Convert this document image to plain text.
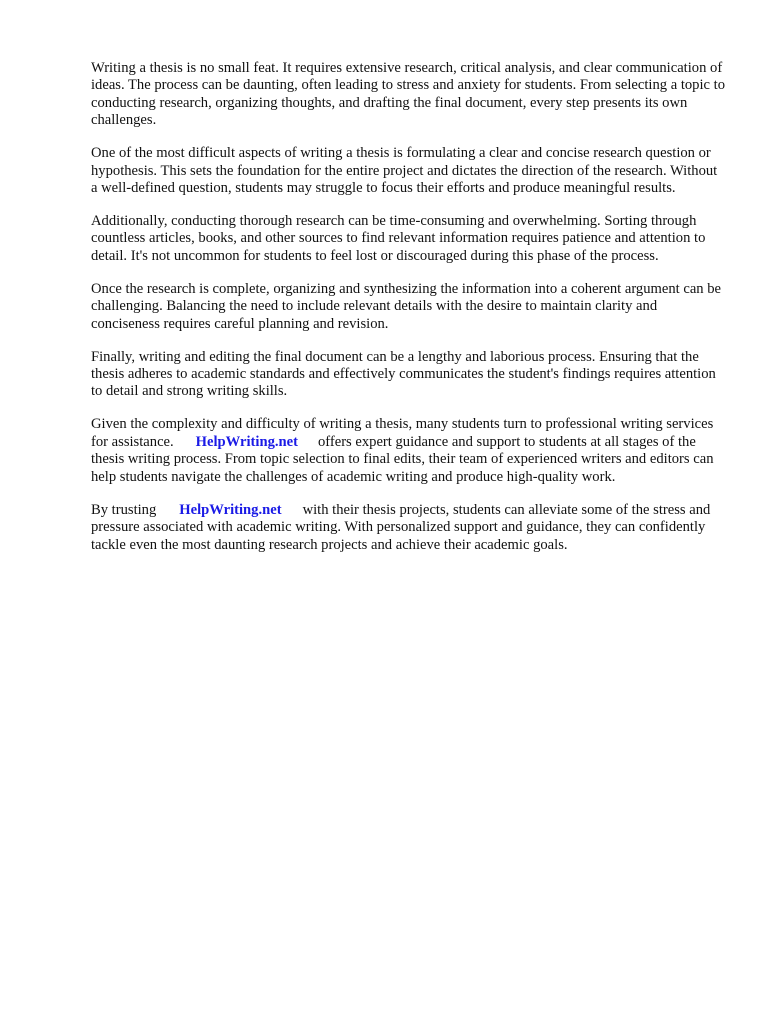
Writing a thesis is no small feat. It requires extensive research, critical analysis, and clear communication of ideas. The process can be daunting, often leading to stress and anxiety for students. From selecting a topic to conducting research, organizing thoughts, and drafting the final document, every step presents its own challenges.

One of the most difficult aspects of writing a thesis is formulating a clear and concise research question or hypothesis. This sets the foundation for the entire project and dictates the direction of the research. Without a well-defined question, students may struggle to focus their efforts and produce meaningful results.

Additionally, conducting thorough research can be time-consuming and overwhelming. Sorting through countless articles, books, and other sources to find relevant information requires patience and attention to detail. It's not uncommon for students to feel lost or discouraged during this phase of the process.

Once the research is complete, organizing and synthesizing the information into a coherent argument can be challenging. Balancing the need to include relevant details with the desire to maintain clarity and conciseness requires careful planning and revision.

Finally, writing and editing the final document can be a lengthy and laborious process. Ensuring that the thesis adheres to academic standards and effectively communicates the student's findings requires attention to detail and strong writing skills.

Given the complexity and difficulty of writing a thesis, many students turn to professional writing services for assistance. HelpWriting.net offers expert guidance and support to students at all stages of the thesis writing process. From topic selection to final edits, their team of experienced writers and editors can help students navigate the challenges of academic writing and produce high-quality work.

By trusting HelpWriting.net with their thesis projects, students can alleviate some of the stress and pressure associated with academic writing. With personalized support and guidance, they can confidently tackle even the most daunting research projects and achieve their academic goals.
